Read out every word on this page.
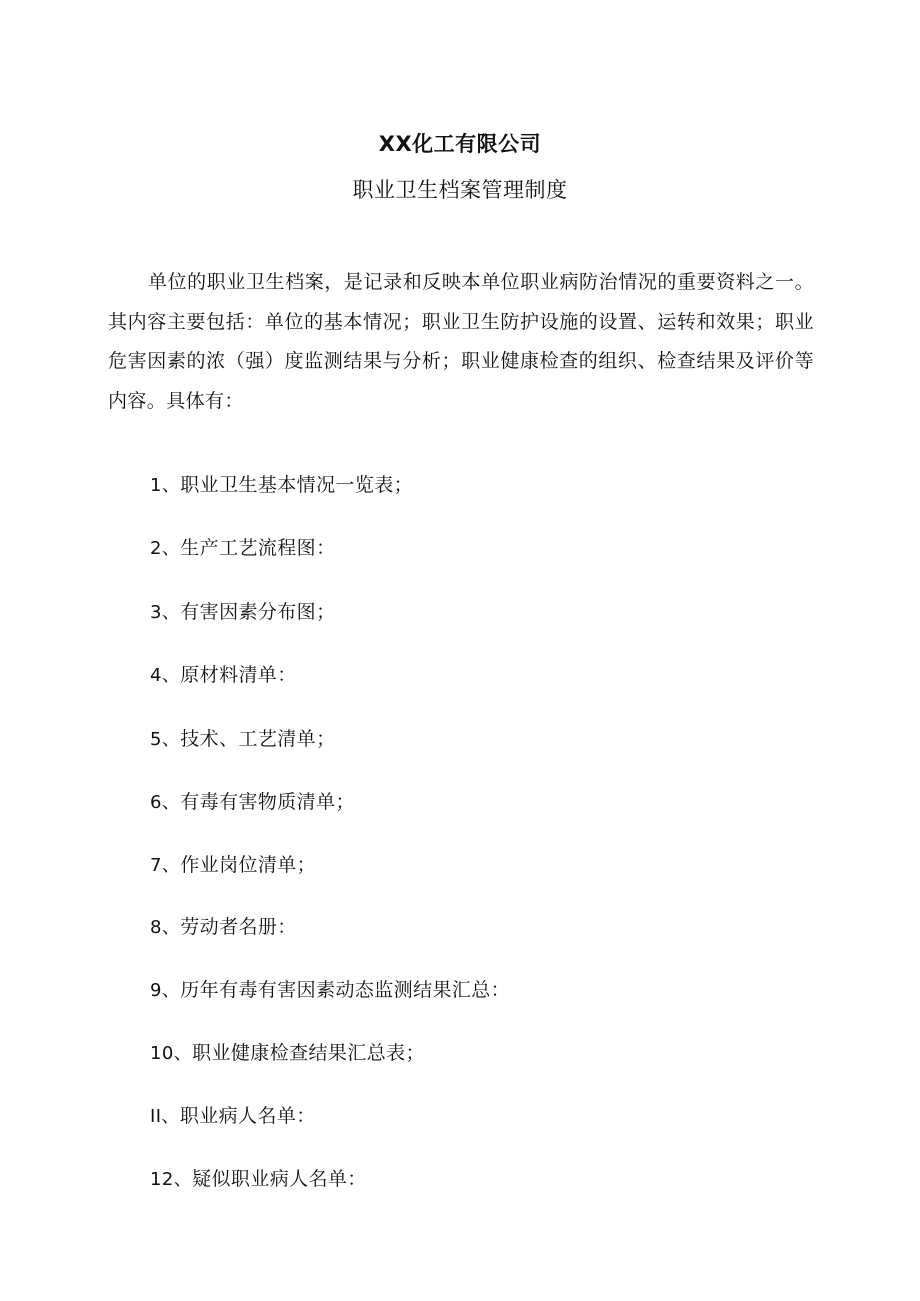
XX化工有限公司
职业卫生档案管理制度

单位的职业卫生档案，是记录和反映本单位职业病防治情况的重要资料之一。其内容主要包括：单位的基本情况；职业卫生防护设施的设置、运转和效果；职业危害因素的浓（强）度监测结果与分析；职业健康检查的组织、检查结果及评价等内容。具体有：

1、职业卫生基本情况一览表；

2、生产工艺流程图：

3、有害因素分布图；

4、原材料清单：

5、技术、工艺清单；

6、有毒有害物质清单；

7、作业岗位清单；

8、劳动者名册：

9、历年有毒有害因素动态监测结果汇总：

10、职业健康检查结果汇总表；

II、职业病人名单：

12、疑似职业病人名单：
